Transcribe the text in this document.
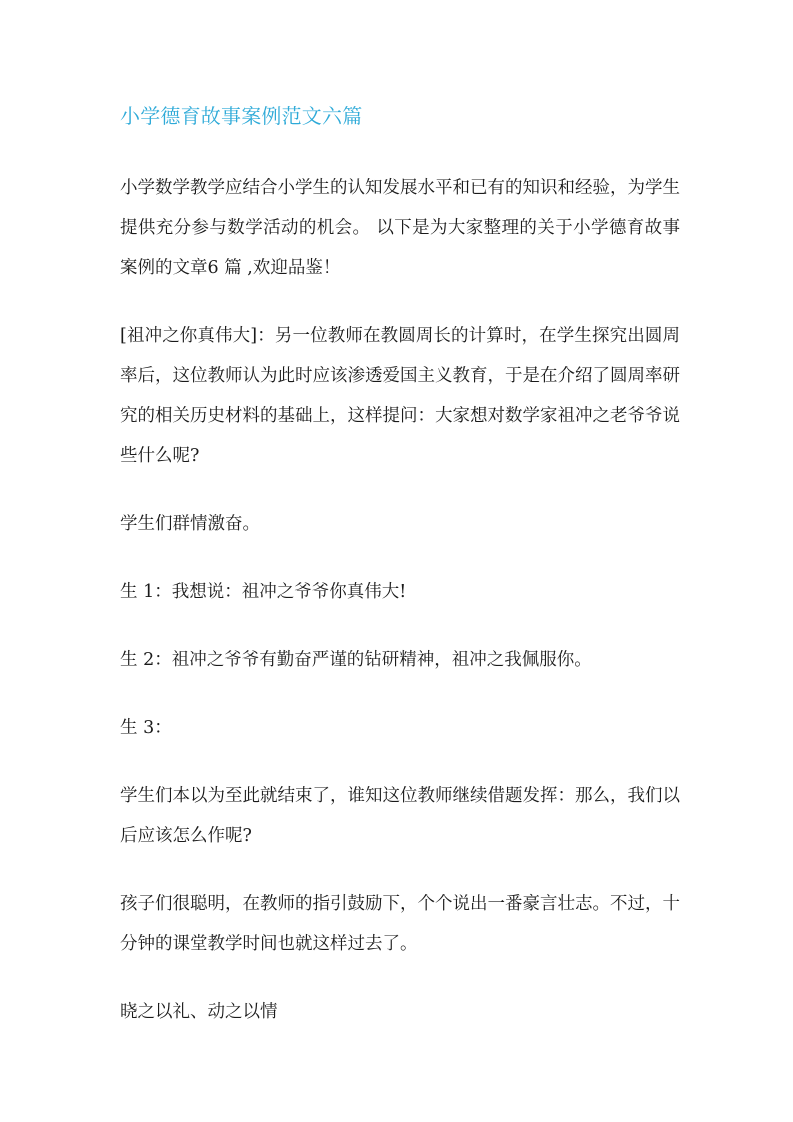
小学德育故事案例范文六篇

小学数学教学应结合小学生的认知发展水平和已有的知识和经验，为学生提供充分参与数学活动的机会。 以下是为大家整理的关于小学德育故事案例的文章6 篇 ,欢迎品鉴！

[祖冲之你真伟大]：另一位教师在教圆周长的计算时，在学生探究出圆周率后，这位教师认为此时应该渗透爱国主义教育，于是在介绍了圆周率研究的相关历史材料的基础上，这样提问：大家想对数学家祖冲之老爷爷说些什么呢?

学生们群情激奋。

生 1：我想说：祖冲之爷爷你真伟大!

生 2：祖冲之爷爷有勤奋严谨的钻研精神，祖冲之我佩服你。

生 3：

学生们本以为至此就结束了，谁知这位教师继续借题发挥：那么，我们以后应该怎么作呢?

孩子们很聪明，在教师的指引鼓励下，个个说出一番豪言壮志。不过，十分钟的课堂教学时间也就这样过去了。

晓之以礼、动之以情
